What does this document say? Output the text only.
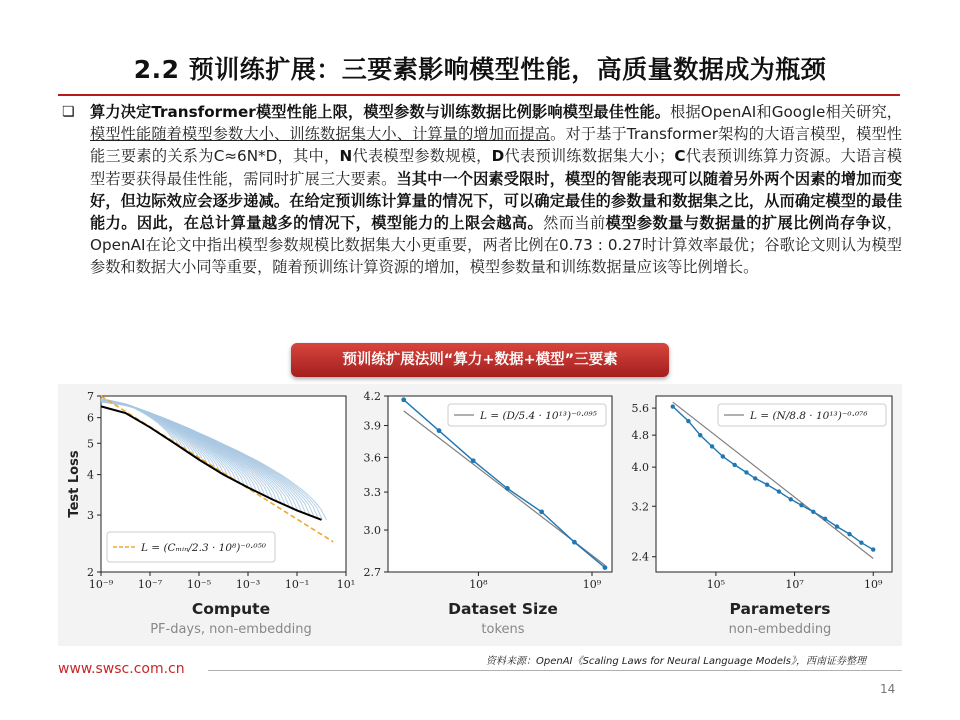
2.2 预训练扩展：三要素影响模型性能，高质量数据成为瓶颈
❏ 算力决定Transformer模型性能上限，模型参数与训练数据比例影响模型最佳性能。根据OpenAI和Google相关研究，模型性能随着模型参数大小、训练数据集大小、计算量的增加而提高。对于基于Transformer架构的大语言模型，模型性能三要素的关系为C≈6N*D，其中，N代表模型参数规模，D代表预训练数据集大小；C代表预训练算力资源。大语言模型若要获得最佳性能，需同时扩展三大要素。当其中一个因素受限时，模型的智能表现可以随着另外两个因素的增加而变好，但边际效应会逐步递减。在给定预训练计算量的情况下，可以确定最佳的参数量和数据集之比，从而确定模型的最佳能力。因此，在总计算量越多的情况下，模型能力的上限会越高。然而当前模型参数量与数据量的扩展比例尚存争议，OpenAI在论文中指出模型参数规模比数据集大小更重要，两者比例在0.73 : 0.27时计算效率最优；谷歌论文则认为模型参数和数据大小同等重要，随着预训练计算资源的增加，模型参数量和训练数据量应该等比例增长。
预训练扩展法则“算力+数据+模型”三要素
10⁻⁹ 10⁻⁷ 10⁻⁵ 10⁻³ 10⁻¹	10¹
2
3
4
5
6
7
Test Loss
L = (Cₘᵢₙ/2.3 · 10⁸)⁻⁰·⁰⁵⁰
10⁸	10⁹
2.7
3.0
3.3
3.6
3.9
4.2
L = (D/5.4 · 10¹³)⁻⁰·⁰⁹⁵
10⁵	10⁷	10⁹
2.4
3.2
4.0
4.8
5.6
L = (N/8.8 · 10¹³)⁻⁰·⁰⁷⁶
Compute
PF-days, non-embedding
Dataset Size
tokens
Parameters
non-embedding
资料来源：OpenAI《Scaling Laws for Neural Language Models》，西南证券整理
www.swsc.com.cn
14
